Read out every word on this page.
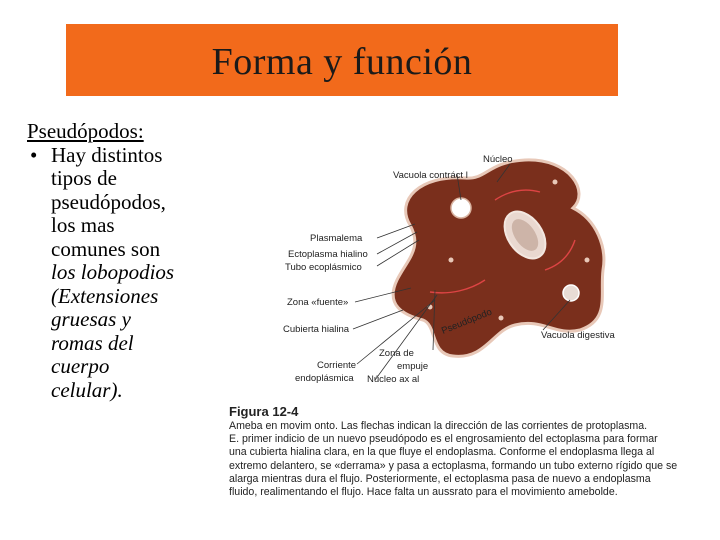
Forma y función
Pseudópodos:
• Hay distintos
tipos de
pseudópodos,
los mas
comunes son
los lobopodios
(Extensiones
gruesas y
romas del
cuerpo
celular).
Vacuola contráct l
Núcleo
Plasmalema
Ectoplasma hialino
Tubo ecoplásmico
Zona «fuente»
Cubierta hialina
Corriente
endoplásmica
Pseudópodo
Zona de
empuje
Núcleo ax al
Vacuola digestiva
Figura 12-4
Ameba en movim onto. Las flechas indican la dirección de las corrientes de protoplasma.
E. primer indicio de un nuevo pseudópodo es el engrosamiento del ectoplasma para formar
una cubierta hialina clara, en la que fluye el endoplasma. Conforme el endoplasma llega al
extremo delantero, se «derrama» y pasa a ectoplasma, formando un tubo externo rígido que se
alarga mientras dura el flujo. Posteriormente, el ectoplasma pasa de nuevo a endoplasma
fluido, realimentando el flujo. Hace falta un aussrato para el movimiento amebolde.
